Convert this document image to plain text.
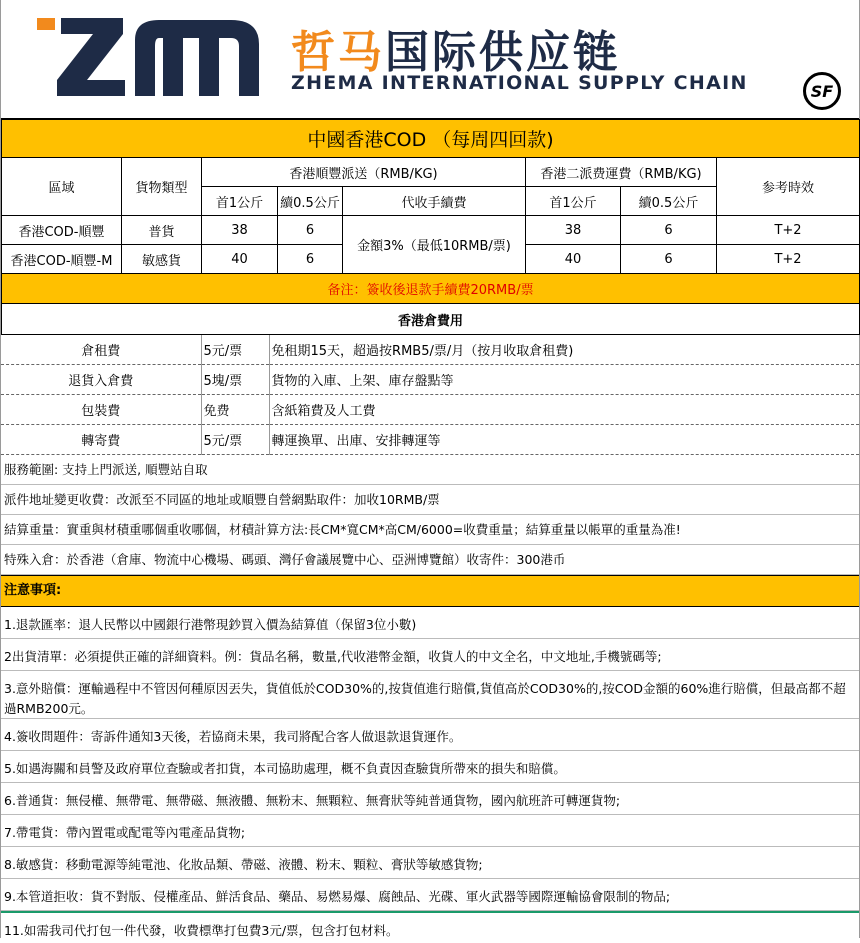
哲马国际供应链
ZHEMA INTERNATIONAL SUPPLY CHAIN	SF
中國香港COD （每周四回款)							
區域	貨物類型	香港順豐派送（RMB/KG)			香港二派费運費（RMB/KG)		参考時效
		首1公斤	續0.5公斤	代收手續費	首1公斤	續0.5公斤	
香港COD-順豐	普貨	38	6	金額3%（最低10RMB/票)	38	6	T+2
香港COD-順豐-M	敏感貨	40	6		40	6	T+2
备注：簽收後退款手續費20RMB/票							
香港倉費用							
倉租費	5元/票	免租期15天，超過按RMB5/票/月（按月收取倉租費)
退貨入倉費	5塊/票	貨物的入庫、上架、庫存盤點等
包裝費	免费	含紙箱費及人工費
轉寄費	5元/票	轉運換單、出庫、安排轉運等
服務範圍: 支持上門派送, 順豐站自取
派件地址變更收費：改派至不同區的地址或順豐自營網點取件：加收10RMB/票
結算重量：實重與材積重哪個重收哪個，材積計算方法:長CM*寬CM*高CM/6000=收費重量；結算重量以帳單的重量為准!
特殊入倉：於香港（倉庫、物流中心機場、碼頭、灣仔會議展覽中心、亞洲博覽館）收寄件：300港币
注意事項:
1.退款匯率：退人民幣以中國銀行港幣現鈔買入價為結算值（保留3位小數)
2出貨清單：必須提供正確的詳細資料。例：貨品名稱，數量,代收港幣金額，收貨人的中文全名，中文地址,手機號碼等;
3.意外賠償：運輸過程中不管因何種原因丟失，貨值低於COD30%的,按貨值進行賠償,貨值高於COD30%的,按COD金額的60%進行賠償，但最高都不超過RMB200元。
4.簽收問題件：寄訴件通知3天後，若協商未果，我司將配合客人做退款退貨運作。
5.如遇海關和員警及政府單位查驗或者扣貨，本司協助處理，概不負責因查驗貨所帶來的損失和賠償。
6.普通貨：無侵權、無帶電、無帶磁、無液體、無粉末、無顆粒、無膏狀等純普通貨物，國內航班許可轉運貨物;
7.帶電貨：帶內置電或配電等內電產品貨物;
8.敏感貨：移動電源等純電池、化妝品類、帶磁、液體、粉末、顆粒、膏狀等敏感貨物;
9.本管道拒收：貨不對版、侵權產品、鮮活食品、藥品、易燃易爆、腐蝕品、光碟、軍火武器等國際運輸協會限制的物品;
11.如需我司代打包一件代發，收費標準打包費3元/票，包含打包材料。
